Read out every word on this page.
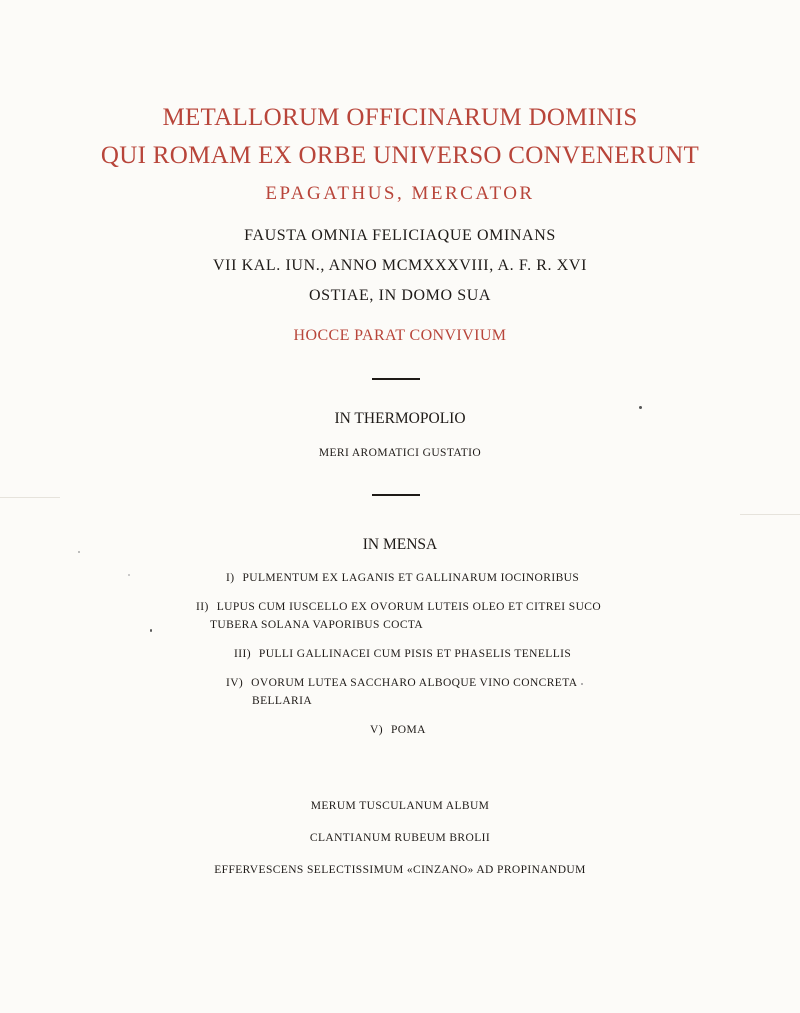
METALLORUM OFFICINARUM DOMINIS

QUI ROMAM EX ORBE UNIVERSO CONVENERUNT

EPAGATHUS, MERCATOR

FAUSTA OMNIA FELICIAQUE OMINANS

VII KAL. IUN., ANNO MCMXXXVIII, A. F. R. XVI

OSTIAE, IN DOMO SUA

HOCCE PARAT CONVIVIUM

IN THERMOPOLIO

MERI AROMATICI GUSTATIO

IN MENSA

I) PULMENTUM EX LAGANIS ET GALLINARUM IOCINORIBUS

II) LUPUS CUM IUSCELLO EX OVORUM LUTEIS OLEO ET CITREI SUCO

TUBERA SOLANA VAPORIBUS COCTA

III) PULLI GALLINACEI CUM PISIS ET PHASELIS TENELLIS

IV) OVORUM LUTEA SACCHARO ALBOQUE VINO CONCRETA

BELLARIA

V) POMA

MERUM TUSCULANUM ALBUM

CLANTIANUM RUBEUM BROLII

EFFERVESCENS SELECTISSIMUM «CINZANO» AD PROPINANDUM
